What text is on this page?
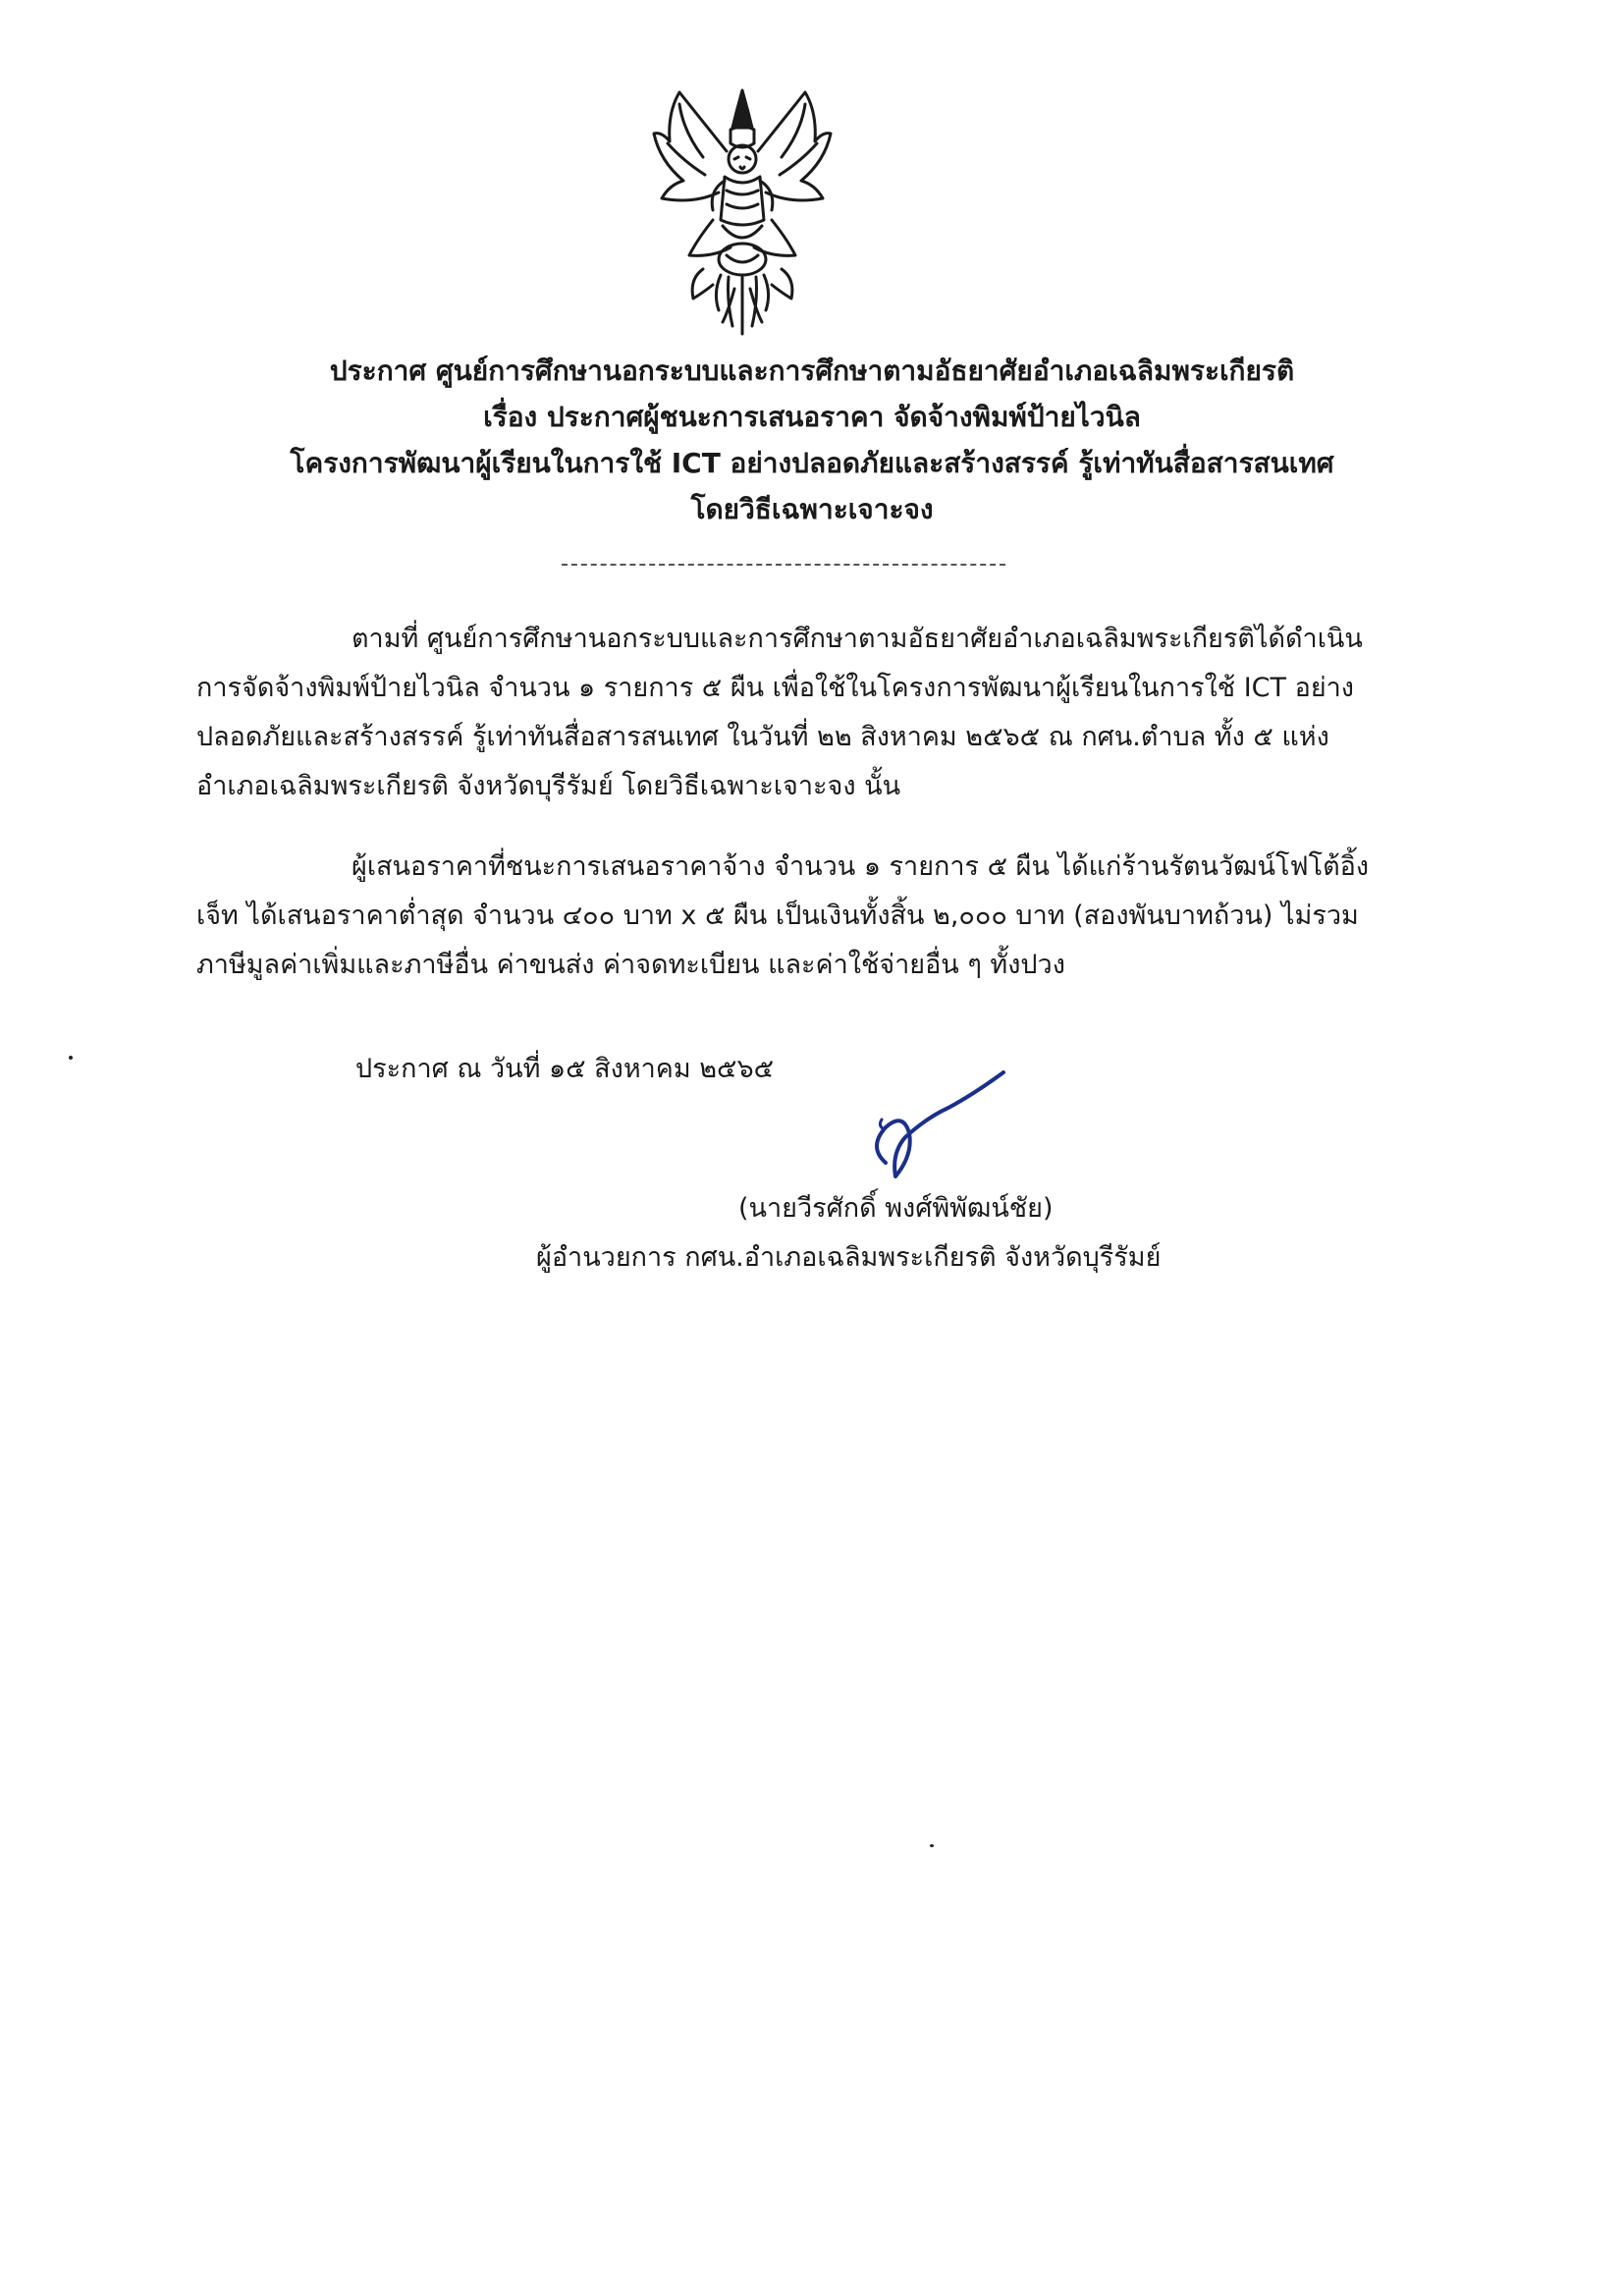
ประกาศ ศูนย์การศึกษานอกระบบและการศึกษาตามอัธยาศัยอำเภอเฉลิมพระเกียรติ
เรื่อง ประกาศผู้ชนะการเสนอราคา จัดจ้างพิมพ์ป้ายไวนิล
โครงการพัฒนาผู้เรียนในการใช้ ICT อย่างปลอดภัยและสร้างสรรค์ รู้เท่าทันสื่อสารสนเทศ
โดยวิธีเฉพาะเจาะจง
ตามที่ ศูนย์การศึกษานอกระบบและการศึกษาตามอัธยาศัยอำเภอเฉลิมพระเกียรติได้ดำเนิน
การจัดจ้างพิมพ์ป้ายไวนิล จำนวน ๑ รายการ ๕ ผืน เพื่อใช้ในโครงการพัฒนาผู้เรียนในการใช้ ICT อย่าง
ปลอดภัยและสร้างสรรค์ รู้เท่าทันสื่อสารสนเทศ ในวันที่ ๒๒ สิงหาคม ๒๕๖๕ ณ กศน.ตำบล ทั้ง ๕ แห่ง
อำเภอเฉลิมพระเกียรติ จังหวัดบุรีรัมย์ โดยวิธีเฉพาะเจาะจง นั้น
ผู้เสนอราคาที่ชนะการเสนอราคาจ้าง จำนวน ๑ รายการ ๕ ผืน ได้แก่ร้านรัตนวัฒน์โฟโต้อิ้ง
เจ็ท ได้เสนอราคาต่ำสุด จำนวน ๔๐๐ บาท x ๕ ผืน เป็นเงินทั้งสิ้น ๒,๐๐๐ บาท (สองพันบาทถ้วน) ไม่รวม
ภาษีมูลค่าเพิ่มและภาษีอื่น ค่าขนส่ง ค่าจดทะเบียน และค่าใช้จ่ายอื่น ๆ ทั้งปวง
ประกาศ ณ วันที่ ๑๕ สิงหาคม ๒๕๖๕
(นายวีรศักดิ์ พงศ์พิพัฒน์ชัย)
ผู้อำนวยการ กศน.อำเภอเฉลิมพระเกียรติ จังหวัดบุรีรัมย์
